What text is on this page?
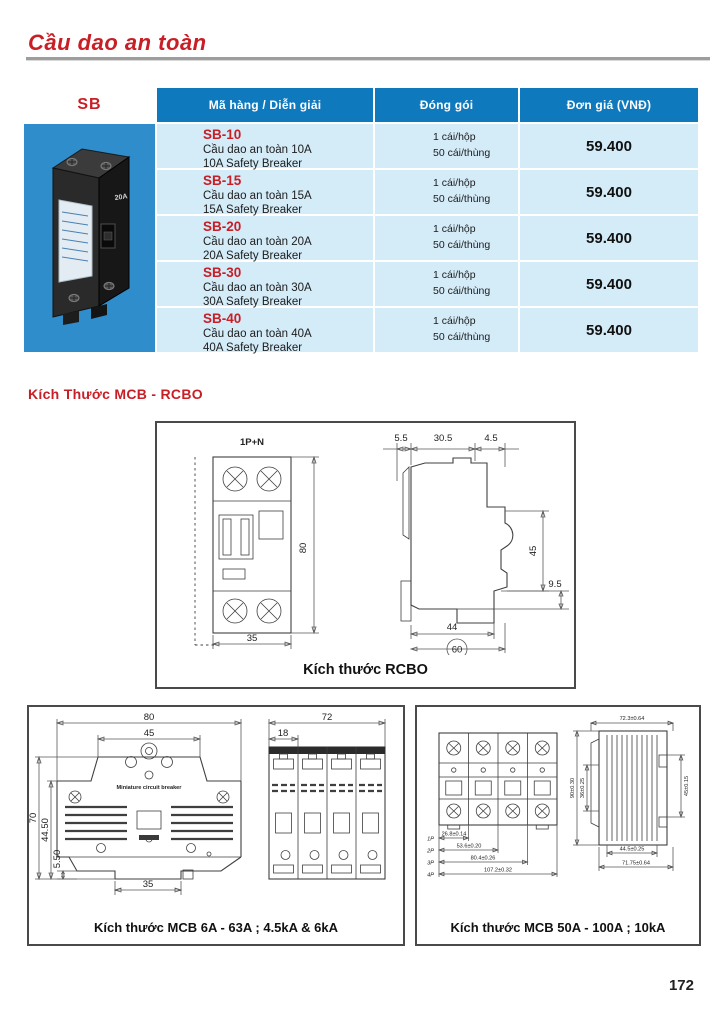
Cầu dao an toàn
SB	Mã hàng / Diễn giải	Đóng gói	Đơn giá (VNĐ)
20A
SB-10
Cầu dao an toàn 10A
10A Safety Breaker
1 cái/hộp
50 cái/thùng	59.400
SB-15
Cầu dao an toàn 15A
15A Safety Breaker
1 cái/hộp
50 cái/thùng	59.400
SB-20
Cầu dao an toàn 20A
20A Safety Breaker
1 cái/hộp
50 cái/thùng	59.400
SB-30
Cầu dao an toàn 30A
30A Safety Breaker
1 cái/hộp
50 cái/thùng	59.400
SB-40
Cầu dao an toàn 40A
40A Safety Breaker
1 cái/hộp
50 cái/thùng	59.400
Kích Thước MCB - RCBO
1P+N
35
80
5.5	30.5	4.5
45
9.5
44
60
Kích thước RCBO
80
45
Miniature circuit breaker
70
44.50
5.50
35
72
18
Kích thước MCB 6A - 63A ; 4.5kA & 6kA
26.8±0.14
53.6±0.20
80.4±0.26
107.2±0.32
1P
2P
3P
4P
72.3±0.64
90±0.30 36±0.25	45±0.15
44.5±0.25
71.75±0.64
Kích thước MCB 50A - 100A ; 10kA
172
